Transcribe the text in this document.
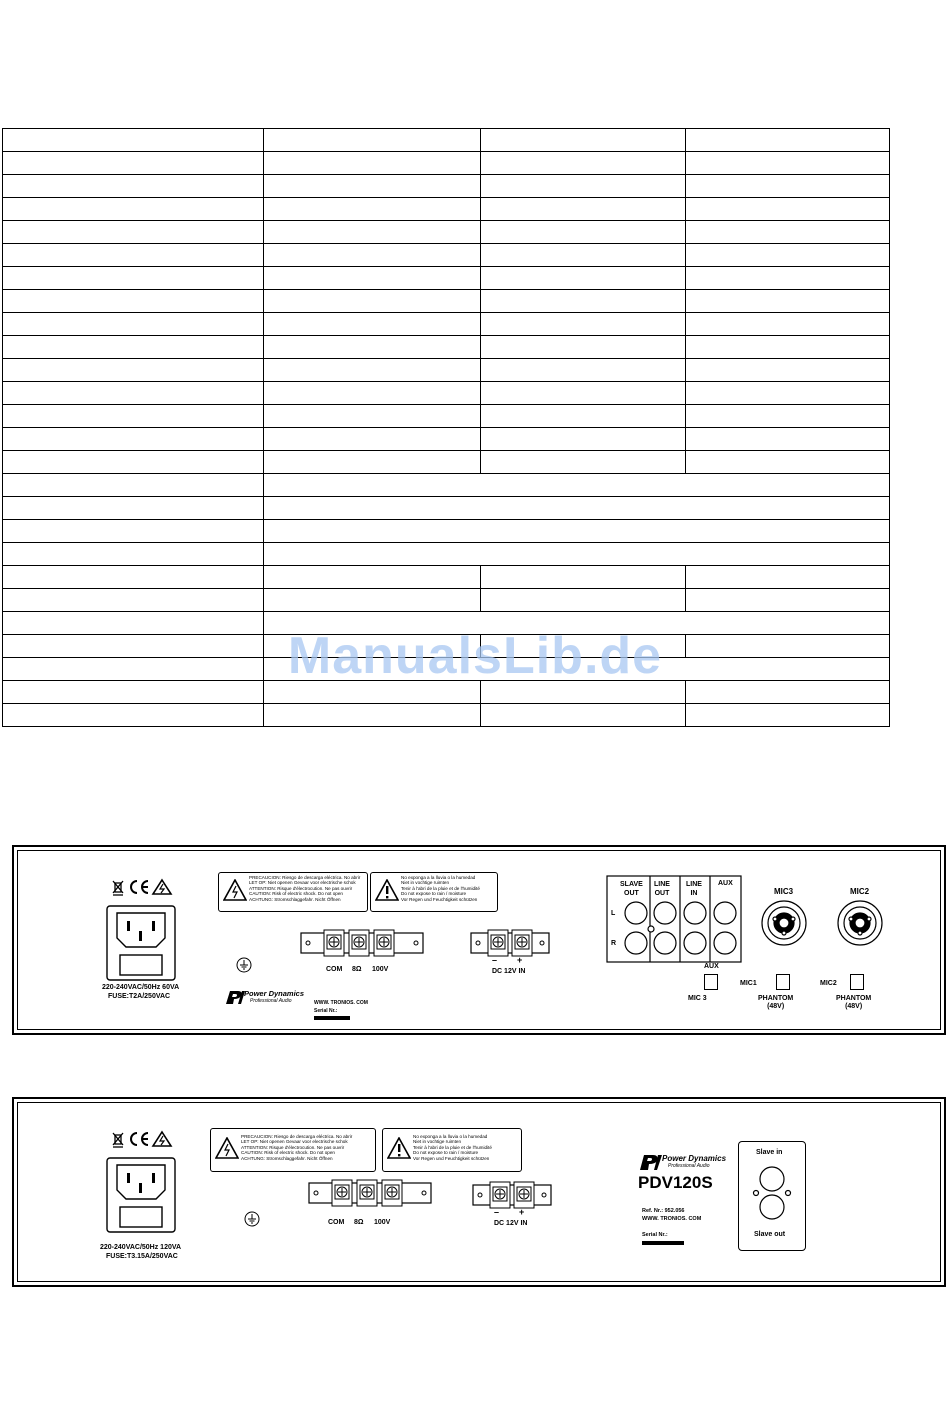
ManualsLib.de
220-240VAC/50Hz 60VA
FUSE:T2A/250VAC
PRECAUCION: Riesgo de descarga eléctrica. No abrir
LET OP: Niet openen Gevaar voor electrische schok
ATTENTION: Risque d'électrocution. Ne pas ouvrir
CAUTION: Risk of electric shock. Do not open
ACHTUNG: Stromschlaggefahr. Nicht Öffnen
No exponga a la lluvia o la humedad
Niet in vochtige ruimten
Tenir à l'abri de la pluie et de l'humidité
Do not expose to rain / moisture
Vor Regen und Feuchtigkeit schützen
Power Dynamics
Professional Audio	WWW. TRONIOS. COM
Serial Nr.:
COM 8Ω 100V
– +
DC 12V IN
SLAVE
OUT
LINE
OUT
LINE
IN
AUX
L
R
MIC3	MIC2
AUX
MIC 3
MIC1
PHANTOM
(48V)
MIC2
PHANTOM
(48V)
220-240VAC/50Hz 120VA
FUSE:T3.15A/250VAC
PRECAUCION: Riesgo de descarga eléctrica. No abrir
LET OP: Niet openen Gevaar voor electrische schok
ATTENTION: Risque d'électrocution. Ne pas ouvrir
CAUTION: Risk of electric shock. Do not open
ACHTUNG: Stromschlaggefahr. Nicht Öffnen
No exponga a la lluvia o la humedad
Niet in vochtige ruimten
Tenir à l'abri de la pluie et de l'humidité
Do not expose to rain / moisture
Vor Regen und Feuchtigkeit schützen
COM 8Ω 100V
– +
DC 12V IN
Power Dynamics
Professional Audio
PDV120S
Ref. Nr.: 952.056
WWW. TRONIOS. COM
Serial Nr.:
Slave in
Slave out
